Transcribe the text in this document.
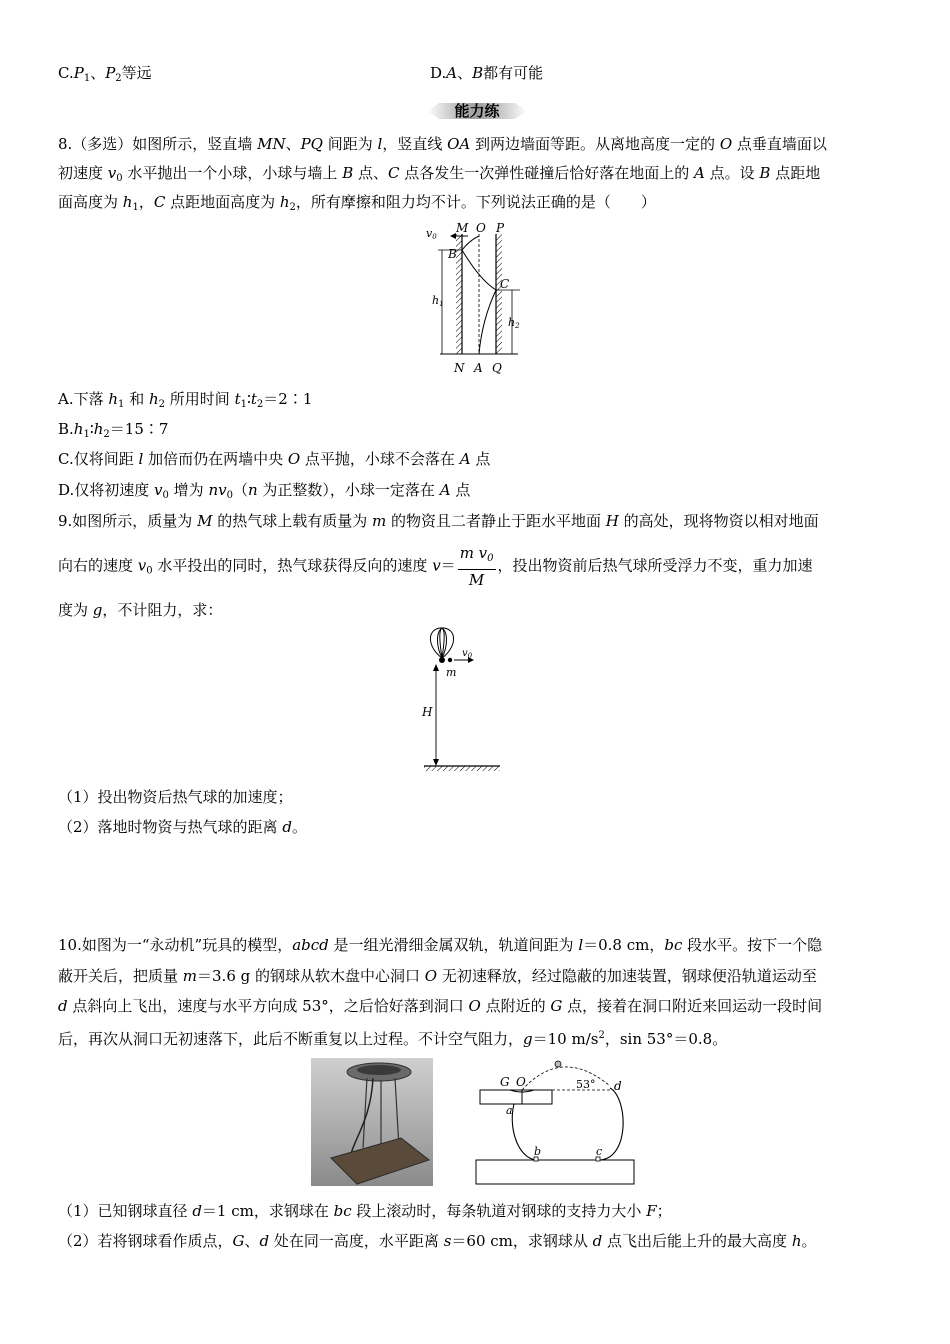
$C.P_1$、$P_2$等远	D.A、B都有可能
能力练
8.（多选）如图所示，竖直墙 MN、PQ 间距为 l，竖直线 OA 到两边墙面等距。从离地高度一定的 O 点垂直墙面以
初速度 $v_0$ 水平抛出一个小球，小球与墙上 B 点、C 点各发生一次弹性碰撞后恰好落在地面上的 A 点。设 B 点距地
面高度为 $h_1$，C 点距地面高度为 $h_2$，所有摩擦和阻力均不计。下列说法正确的是（　　）
v0
M O P
B
C
h1
h2
N A Q
A.下落 $h_1$ 和 $h_2$ 所用时间 $t_1∶t_2=2∶1$
$B.h_1∶h_2=15∶7$
C.仅将间距 l 加倍而仍在两墙中央 O 点平抛，小球不会落在 A 点
D.仅将初速度 $v_0$ 增为 $nv_0(n$ 为正整数），小球一定落在 A 点
9.如图所示，质量为 M 的热气球上载有质量为 m 的物资且二者静止于距水平地面 H 的高处，现将物资以相对地面
向右的速度 $v_0$ 水平投出的同时，热气球获得反向的速度 $v= \frac{m v_0}{M}$ ，投出物资前后热气球所受浮力不变，重力加速
度为 g，不计阻力，求：
$v_0$
m
H
（1）投出物资后热气球的加速度；
（2）落地时物资与热气球的距离 d。
10.如图为一“永动机”玩具的模型，abcd 是一组光滑细金属双轨，轨道间距为 l＝0.8 cm，bc 段水平。按下一个隐
蔽开关后，把质量 m＝3.6 g 的钢球从软木盘中心洞口 O 无初速释放，经过隐蔽的加速装置，钢球便沿轨道运动至
d 点斜向上飞出，速度与水平方向成 53°，之后恰好落到洞口 O 点附近的 G 点，接着在洞口附近来回运动一段时间
后，再次从洞口无初速落下，此后不断重复以上过程。不计空气阻力，g＝10 $m/s^2$，sin 53°＝0.8。
G O	53° d
a
b	c
（1）已知钢球直径 d＝1 cm，求钢球在 bc 段上滚动时，每条轨道对钢球的支持力大小 F；
（2）若将钢球看作质点，G、d 处在同一高度，水平距离 s＝60 cm，求钢球从 d 点飞出后能上升的最大高度 h。
